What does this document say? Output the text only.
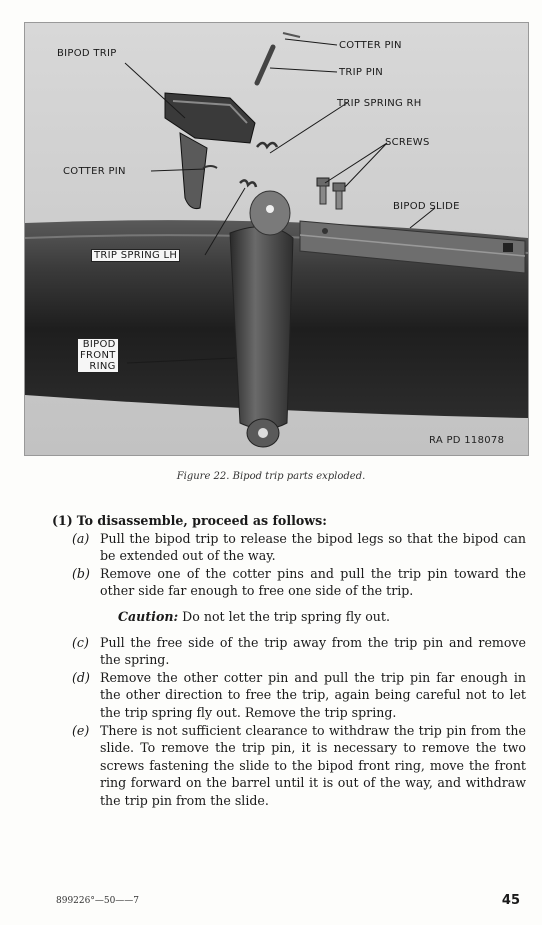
BIPOD TRIP
COTTER PIN
TRIP PIN
TRIP SPRING RH
SCREWS
COTTER PIN
BIPOD SLIDE
TRIP SPRING LH
BIPOD
FRONT
RING
RA PD 118078
Figure 22. Bipod trip parts exploded.

(1) To disassemble, proceed as follows:

(a) Pull the bipod trip to release the bipod legs so that the bipod can be extended out of the way.

(b) Remove one of the cotter pins and pull the trip pin toward the other side far enough to free one side of the trip.

Caution: Do not let the trip spring fly out.

(c) Pull the free side of the trip away from the trip pin and remove the spring.

(d) Remove the other cotter pin and pull the trip pin far enough in the other direction to free the trip, again being careful not to let the trip spring fly out. Remove the trip spring.

(e) There is not sufficient clearance to withdraw the trip pin from the slide. To remove the trip pin, it is necessary to remove the two screws fastening the slide to the bipod front ring, move the front ring forward on the barrel until it is out of the way, and withdraw the trip pin from the slide.

899226°—50——7	45
